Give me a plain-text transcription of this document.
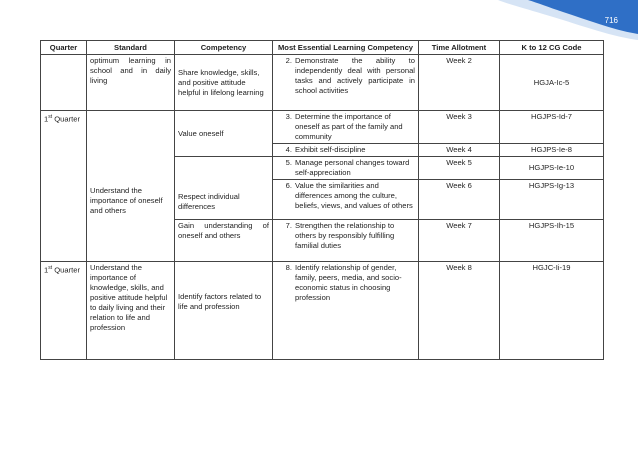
716
Quarter	Standard	Competency	Most Essential Learning Competency	Time Allotment	K to 12 CG Code
	optimum learning in school and in daily living	Share knowledge, skills, and positive attitude helpful in lifelong learning	2. Demonstrate the ability to independently deal with personal tasks and actively participate in school activities	Week 2	HGJA-Ic-5
1st Quarter	Understand the importance of oneself and others	Value oneself	3. Determine the importance of oneself as part of the family and community	Week 3	HGJPS-Id-7

			4. Exhibit self-discipline	Week 4	HGJPS-Ie-8
		Respect individual differences	5. Manage personal changes toward self-appreciation	Week 5	HGJPS-Ie-10

			6. Value the similarities and differences among the culture, beliefs, views, and values of others	Week 6	HGJPS-Ig-13
		Gain understanding of oneself and others	7. Strengthen the relationship to others by responsibly fulfilling familial duties	Week 7	HGJPS-Ih-15
1st Quarter	Understand the importance of knowledge, skills, and positive attitude helpful to daily living and their relation to life and profession	Identify factors related to life and profession	8. Identify relationship of gender, family, peers, media, and socio-economic status in choosing profession	Week 8	HGJC-Ii-19
